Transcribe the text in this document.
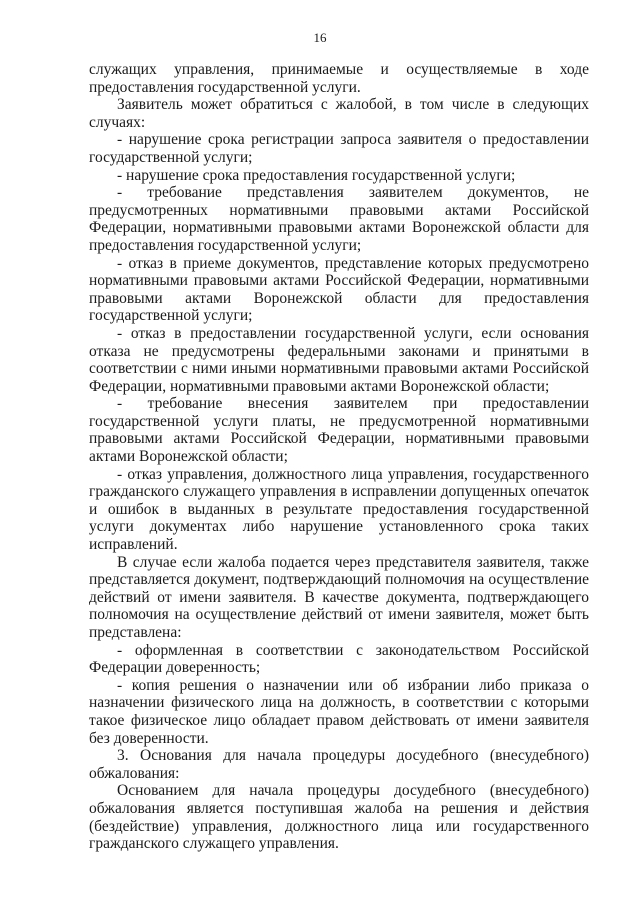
16

служащих управления, принимаемые и осуществляемые в ходе предоставления государственной услуги.

Заявитель может обратиться с жалобой, в том числе в следующих случаях:

- нарушение срока регистрации запроса заявителя о предоставлении государственной услуги;

- нарушение срока предоставления государственной услуги;

- требование представления заявителем документов, не предусмотренных нормативными правовыми актами Российской Федерации, нормативными правовыми актами Воронежской области для предоставления государственной услуги;

- отказ в приеме документов, представление которых предусмотрено нормативными правовыми актами Российской Федерации, нормативными правовыми актами Воронежской области для предоставления государственной услуги;

- отказ в предоставлении государственной услуги, если основания отказа не предусмотрены федеральными законами и принятыми в соответствии с ними иными нормативными правовыми актами Российской Федерации, нормативными правовыми актами Воронежской области;

- требование внесения заявителем при предоставлении государственной услуги платы, не предусмотренной нормативными правовыми актами Российской Федерации, нормативными правовыми актами Воронежской области;

- отказ управления, должностного лица управления, государственного гражданского служащего управления в исправлении допущенных опечаток и ошибок в выданных в результате предоставления государственной услуги документах либо нарушение установленного срока таких исправлений.

В случае если жалоба подается через представителя заявителя, также представляется документ, подтверждающий полномочия на осуществление действий от имени заявителя. В качестве документа, подтверждающего полномочия на осуществление действий от имени заявителя, может быть представлена:

- оформленная в соответствии с законодательством Российской Федерации доверенность;

- копия решения о назначении или об избрании либо приказа о назначении физического лица на должность, в соответствии с которыми такое физическое лицо обладает правом действовать от имени заявителя без доверенности.

3. Основания для начала процедуры досудебного (внесудебного) обжалования:

Основанием для начала процедуры досудебного (внесудебного) обжалования является поступившая жалоба на решения и действия (бездействие) управления, должностного лица или государственного гражданского служащего управления.
